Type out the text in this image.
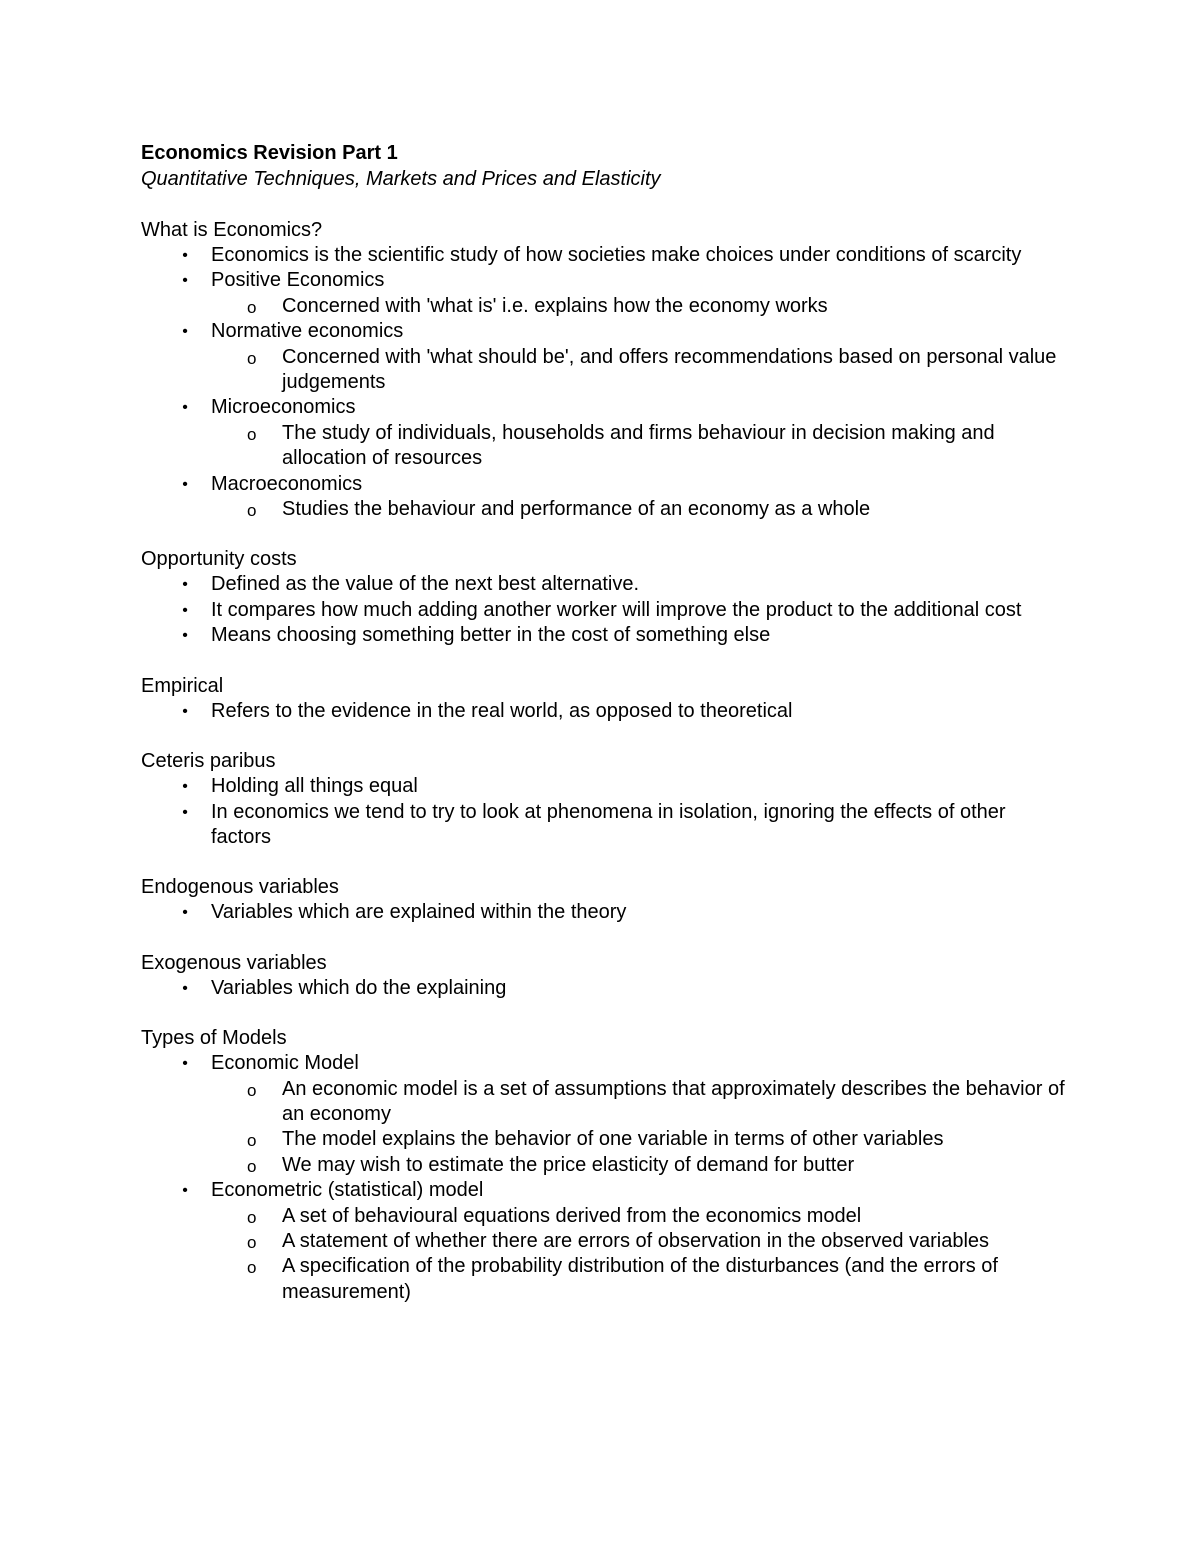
Economics Revision Part 1
Quantitative Techniques, Markets and Prices and Elasticity
What is Economics?
•	Economics is the scientific study of how societies make choices under conditions of scarcity
•	Positive Economics
o	Concerned with 'what is' i.e. explains how the economy works
•	Normative economics
o	Concerned with 'what should be', and offers recommendations based on personal value judgements
•	Microeconomics
o	The study of individuals, households and firms behaviour in decision making and allocation of resources
•	Macroeconomics
o	Studies the behaviour and performance of an economy as a whole
Opportunity costs
•	Defined as the value of the next best alternative.
•	It compares how much adding another worker will improve the product to the additional cost
•	Means choosing something better in the cost of something else
Empirical
•	Refers to the evidence in the real world, as opposed to theoretical
Ceteris paribus
•	Holding all things equal
•	In economics we tend to try to look at phenomena in isolation, ignoring the effects of other factors
Endogenous variables
•	Variables which are explained within the theory
Exogenous variables
•	Variables which do the explaining
Types of Models
•	Economic Model
o	An economic model is a set of assumptions that approximately describes the behavior of an economy
o	The model explains the behavior of one variable in terms of other variables
o	We may wish to estimate the price elasticity of demand for butter
•	Econometric (statistical) model
o	A set of behavioural equations derived from the economics model
o	A statement of whether there are errors of observation in the observed variables
o	A specification of the probability distribution of the disturbances (and the errors of measurement)
